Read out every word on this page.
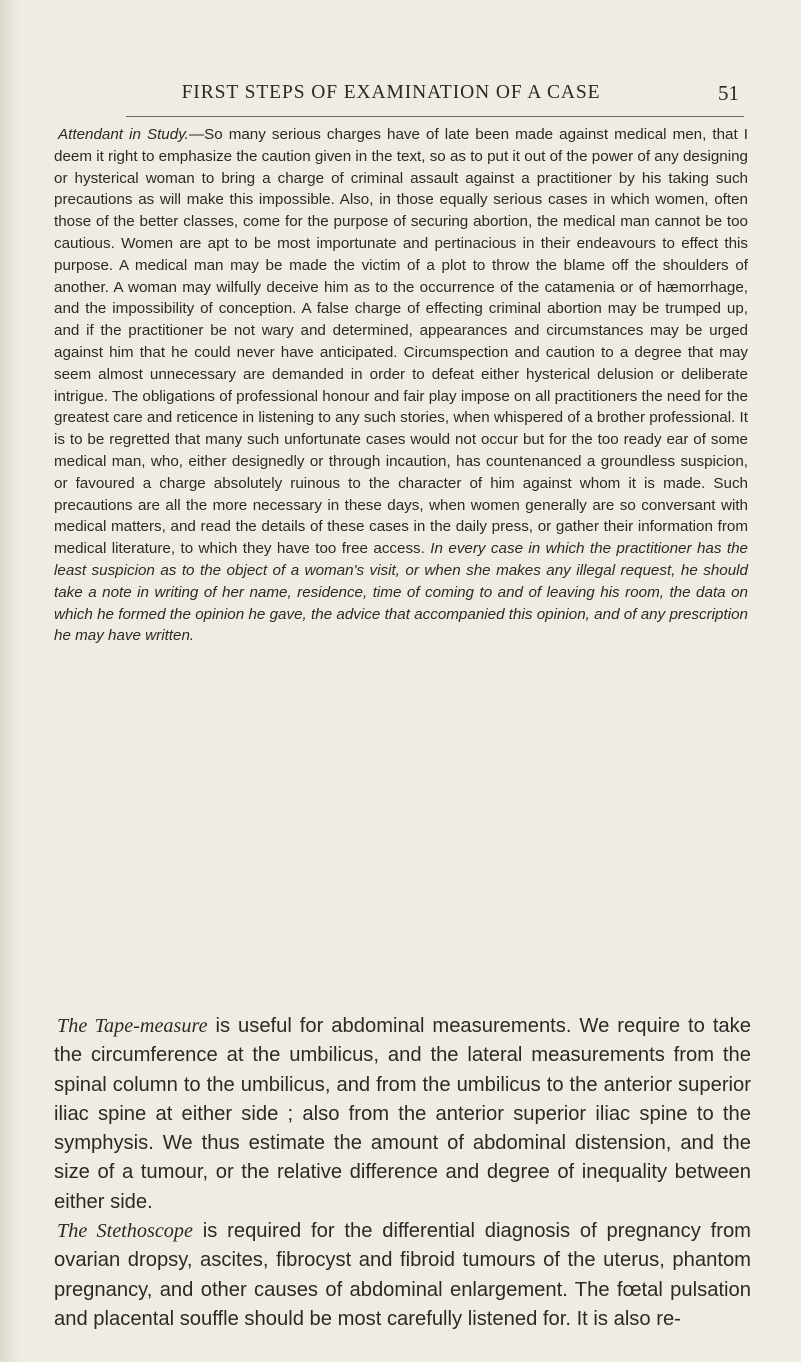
FIRST STEPS OF EXAMINATION OF A CASE	51

Attendant in Study.—So many serious charges have of late been made against medical men, that I deem it right to emphasize the caution given in the text, so as to put it out of the power of any designing or hysterical woman to bring a charge of criminal assault against a practitioner by his taking such precautions as will make this impossible. Also, in those equally serious cases in which women, often those of the better classes, come for the purpose of securing abortion, the medical man cannot be too cautious. Women are apt to be most importunate and pertinacious in their endeavours to effect this purpose. A medical man may be made the victim of a plot to throw the blame off the shoulders of another. A woman may wilfully deceive him as to the occurrence of the catamenia or of hæmorrhage, and the impossibility of conception. A false charge of effecting criminal abortion may be trumped up, and if the practitioner be not wary and determined, appearances and circumstances may be urged against him that he could never have anticipated. Circumspection and caution to a degree that may seem almost unnecessary are demanded in order to defeat either hysterical delusion or deliberate intrigue. The obligations of professional honour and fair play impose on all practitioners the need for the greatest care and reticence in listening to any such stories, when whispered of a brother professional. It is to be regretted that many such unfortunate cases would not occur but for the too ready ear of some medical man, who, either designedly or through incaution, has countenanced a groundless suspicion, or favoured a charge absolutely ruinous to the character of him against whom it is made. Such precautions are all the more necessary in these days, when women generally are so conversant with medical matters, and read the details of these cases in the daily press, or gather their information from medical literature, to which they have too free access. In every case in which the practitioner has the least suspicion as to the object of a woman's visit, or when she makes any illegal request, he should take a note in writing of her name, residence, time of coming to and of leaving his room, the data on which he formed the opinion he gave, the advice that accompanied this opinion, and of any prescription he may have written.

The Tape-measure is useful for abdominal measurements. We require to take the circumference at the umbilicus, and the lateral measurements from the spinal column to the umbilicus, and from the umbilicus to the anterior superior iliac spine at either side ; also from the anterior superior iliac spine to the symphysis. We thus estimate the amount of abdominal distension, and the size of a tumour, or the relative difference and degree of inequality between either side.

The Stethoscope is required for the differential diagnosis of pregnancy from ovarian dropsy, ascites, fibrocyst and fibroid tumours of the uterus, phantom pregnancy, and other causes of abdominal enlargement. The fœtal pulsation and placental souffle should be most carefully listened for. It is also re-
